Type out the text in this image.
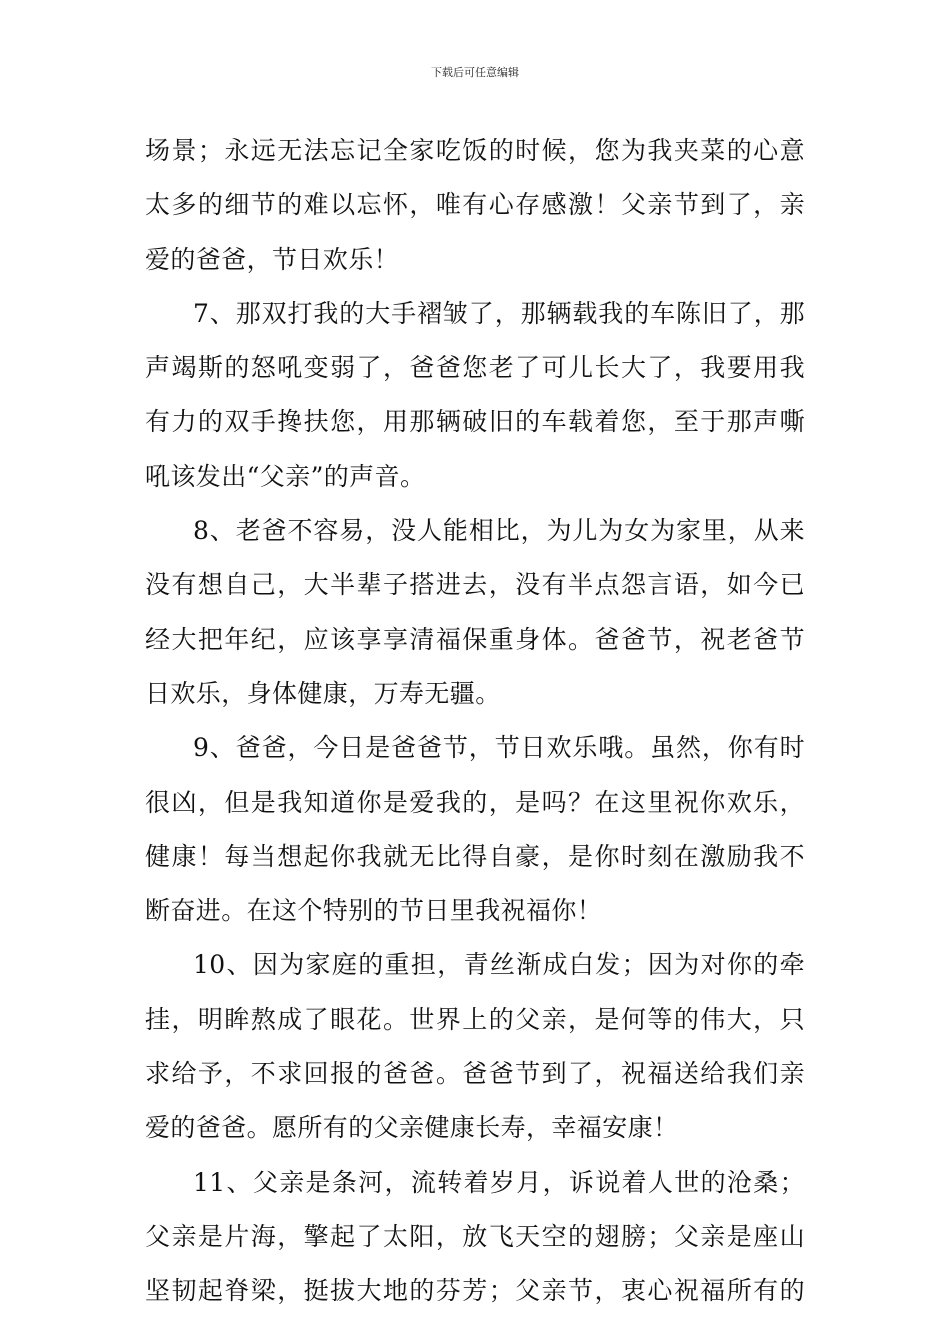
下载后可任意编辑
场景；永远无法忘记全家吃饭的时候，您为我夹菜的心意
太多的细节的难以忘怀，唯有心存感激！父亲节到了，亲
爱的爸爸，节日欢乐！
7、那双打我的大手褶皱了，那辆载我的车陈旧了，那
声竭斯的怒吼变弱了，爸爸您老了可儿长大了，我要用我
有力的双手搀扶您，用那辆破旧的车载着您，至于那声嘶
吼该发出“父亲”的声音。
8、老爸不容易，没人能相比，为儿为女为家里，从来
没有想自己，大半辈子搭进去，没有半点怨言语，如今已
经大把年纪，应该享享清福保重身体。爸爸节，祝老爸节
日欢乐，身体健康，万寿无疆。
9、爸爸，今日是爸爸节，节日欢乐哦。虽然，你有时
很凶，但是我知道你是爱我的，是吗？在这里祝你欢乐，
健康！每当想起你我就无比得自豪，是你时刻在激励我不
断奋进。在这个特别的节日里我祝福你！
10、因为家庭的重担，青丝渐成白发；因为对你的牵
挂，明眸熬成了眼花。世界上的父亲，是何等的伟大，只
求给予，不求回报的爸爸。爸爸节到了，祝福送给我们亲
爱的爸爸。愿所有的父亲健康长寿，幸福安康！
11、父亲是条河，流转着岁月，诉说着人世的沧桑；
父亲是片海，擎起了太阳，放飞天空的翅膀；父亲是座山
坚韧起脊梁，挺拔大地的芬芳；父亲节，衷心祝福所有的
